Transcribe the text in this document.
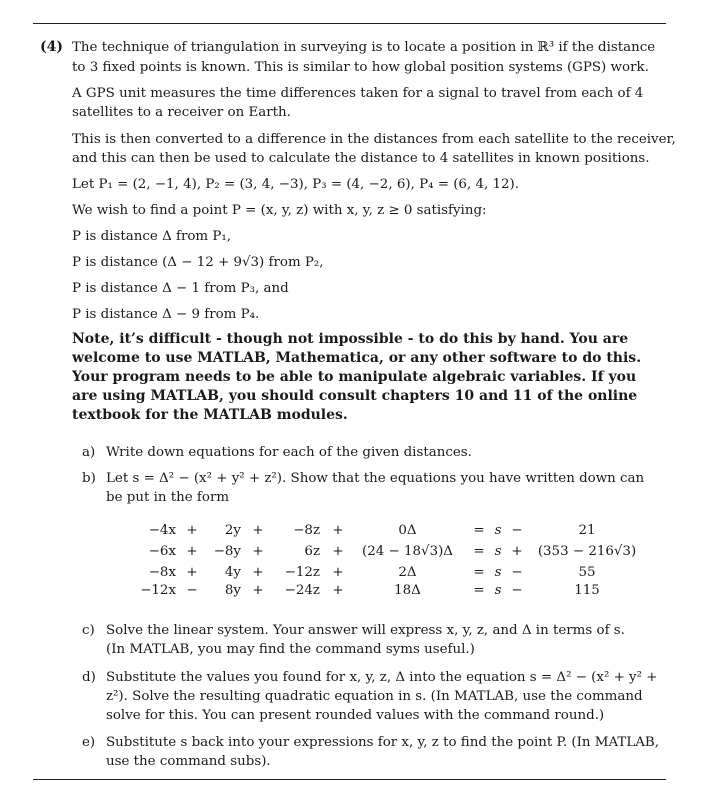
(4) The technique of triangulation in surveying is to locate a position in ℝ³ if the distance
to 3 fixed points is known. This is similar to how global position systems (GPS) work.
A GPS unit measures the time differences taken for a signal to travel from each of 4
satellites to a receiver on Earth.
This is then converted to a difference in the distances from each satellite to the receiver,
and this can then be used to calculate the distance to 4 satellites in known positions.
Let P₁ = (2, −1, 4), P₂ = (3, 4, −3), P₃ = (4, −2, 6), P₄ = (6, 4, 12).
We wish to find a point P = (x, y, z) with x, y, z ≥ 0 satisfying:
P is distance Δ from P₁,
P is distance (Δ − 12 + 9√3) from P₂,
P is distance Δ − 1 from P₃, and
P is distance Δ − 9 from P₄.
Note, it’s difficult - though not impossible - to do this by hand. You are
welcome to use MATLAB, Mathematica, or any other software to do this.
Your program needs to be able to manipulate algebraic variables. If you
are using MATLAB, you should consult chapters 10 and 11 of the online
textbook for the MATLAB modules.
a) Write down equations for each of the given distances.
b) Let s = Δ² − (x² + y² + z²). Show that the equations you have written down can
be put in the form
−4x +	2y +	−8z +	0Δ	= s −	21
−6x +	−8y +	6z +	(24 − 18√3)Δ	= s +	(353 − 216√3)
−8x +	4y +	−12z +	2Δ	= s −	55
−12x −	8y +	−24z +	18Δ	= s −	115
c) Solve the linear system. Your answer will express x, y, z, and Δ in terms of s.
(In MATLAB, you may find the command syms useful.)
d) Substitute the values you found for x, y, z, Δ into the equation s = Δ² − (x² + y² +
z²). Solve the resulting quadratic equation in s. (In MATLAB, use the command
solve for this. You can present rounded values with the command round.)
e) Substitute s back into your expressions for x, y, z to find the point P. (In MATLAB,
use the command subs).
